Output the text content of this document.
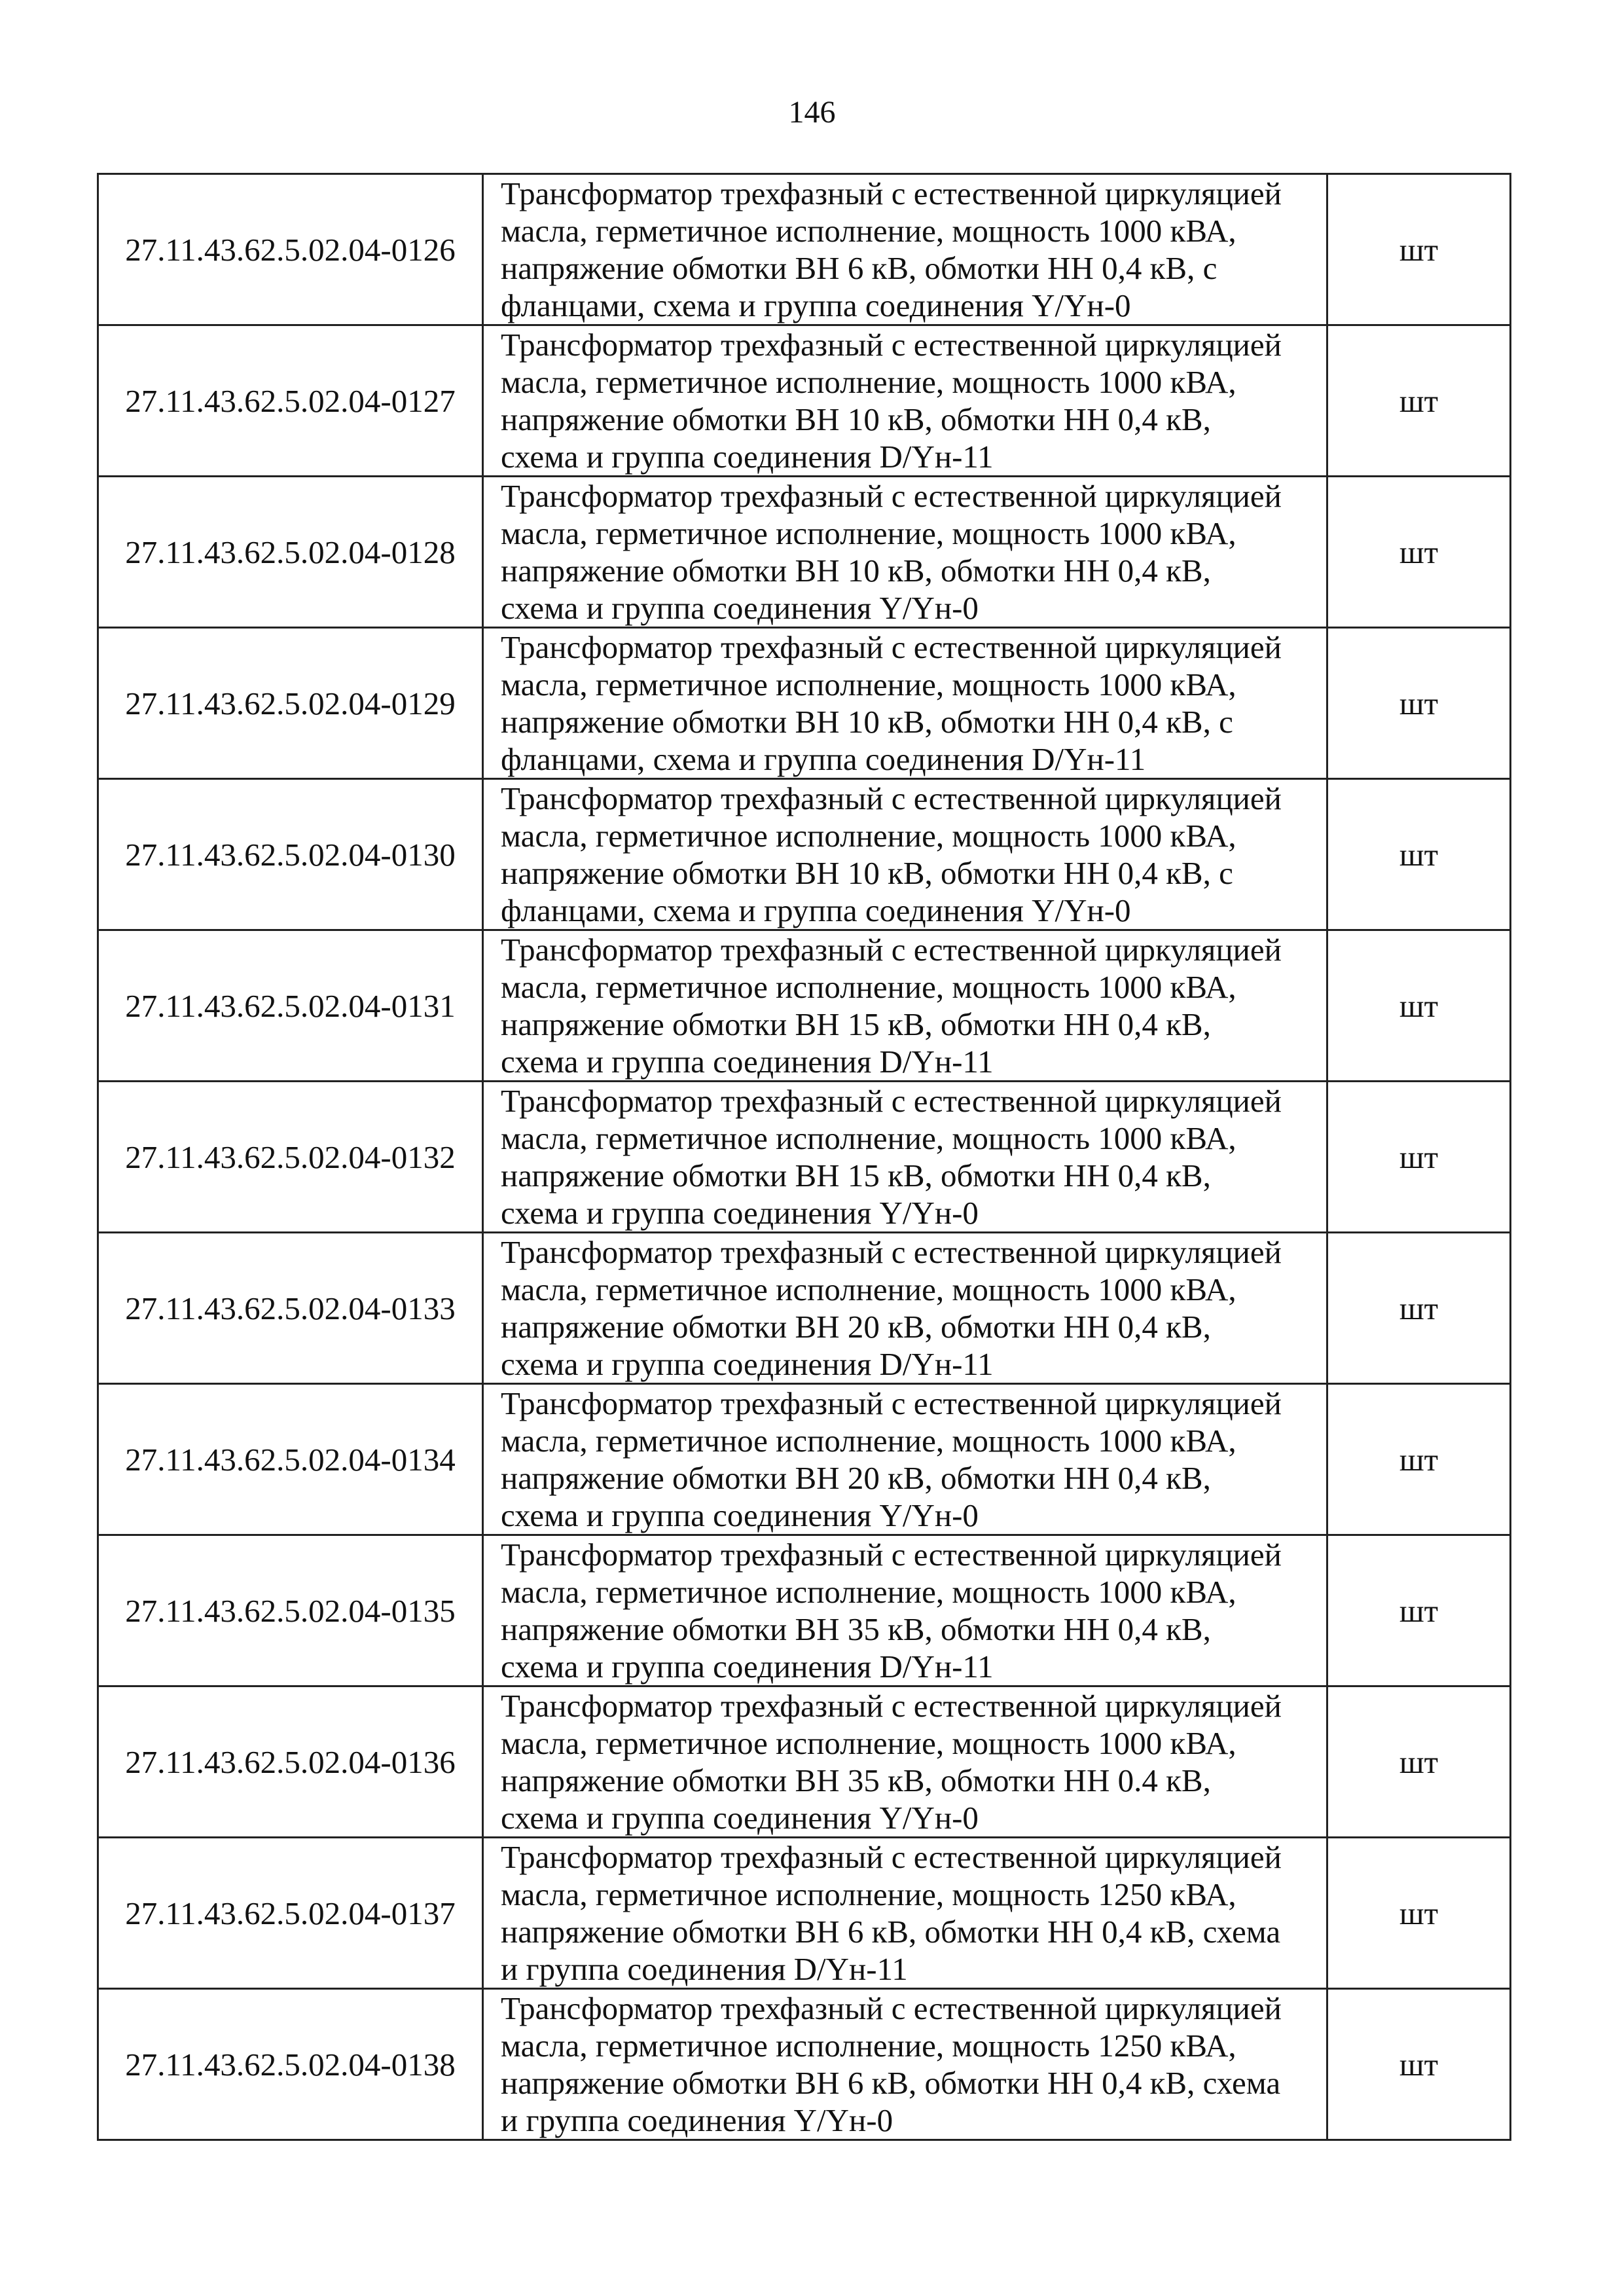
146
27.11.43.62.5.02.04-0126	Трансформатор трехфазный с естественной циркуляцией
масла, герметичное исполнение, мощность 1000 кВА,
напряжение обмотки ВН 6 кВ, обмотки НН 0,4 кВ, с
фланцами, схема и группа соединения Y/Yн-0	шт
27.11.43.62.5.02.04-0127	Трансформатор трехфазный с естественной циркуляцией
масла, герметичное исполнение, мощность 1000 кВА,
напряжение обмотки ВН 10 кВ, обмотки НН 0,4 кВ,
схема и группа соединения D/Yн-11	шт
27.11.43.62.5.02.04-0128	Трансформатор трехфазный с естественной циркуляцией
масла, герметичное исполнение, мощность 1000 кВА,
напряжение обмотки ВН 10 кВ, обмотки НН 0,4 кВ,
схема и группа соединения Y/Yн-0	шт
27.11.43.62.5.02.04-0129	Трансформатор трехфазный с естественной циркуляцией
масла, герметичное исполнение, мощность 1000 кВА,
напряжение обмотки ВН 10 кВ, обмотки НН 0,4 кВ, с
фланцами, схема и группа соединения D/Yн-11	шт
27.11.43.62.5.02.04-0130	Трансформатор трехфазный с естественной циркуляцией
масла, герметичное исполнение, мощность 1000 кВА,
напряжение обмотки ВН 10 кВ, обмотки НН 0,4 кВ, с
фланцами, схема и группа соединения Y/Yн-0	шт
27.11.43.62.5.02.04-0131	Трансформатор трехфазный с естественной циркуляцией
масла, герметичное исполнение, мощность 1000 кВА,
напряжение обмотки ВН 15 кВ, обмотки НН 0,4 кВ,
схема и группа соединения D/Yн-11	шт
27.11.43.62.5.02.04-0132	Трансформатор трехфазный с естественной циркуляцией
масла, герметичное исполнение, мощность 1000 кВА,
напряжение обмотки ВН 15 кВ, обмотки НН 0,4 кВ,
схема и группа соединения Y/Yн-0	шт
27.11.43.62.5.02.04-0133	Трансформатор трехфазный с естественной циркуляцией
масла, герметичное исполнение, мощность 1000 кВА,
напряжение обмотки ВН 20 кВ, обмотки НН 0,4 кВ,
схема и группа соединения D/Yн-11	шт
27.11.43.62.5.02.04-0134	Трансформатор трехфазный с естественной циркуляцией
масла, герметичное исполнение, мощность 1000 кВА,
напряжение обмотки ВН 20 кВ, обмотки НН 0,4 кВ,
схема и группа соединения Y/Yн-0	шт
27.11.43.62.5.02.04-0135	Трансформатор трехфазный с естественной циркуляцией
масла, герметичное исполнение, мощность 1000 кВА,
напряжение обмотки ВН 35 кВ, обмотки НН 0,4 кВ,
схема и группа соединения D/Yн-11	шт
27.11.43.62.5.02.04-0136	Трансформатор трехфазный с естественной циркуляцией
масла, герметичное исполнение, мощность 1000 кВА,
напряжение обмотки ВН 35 кВ, обмотки НН 0.4 кВ,
схема и группа соединения Y/Yн-0	шт
27.11.43.62.5.02.04-0137	Трансформатор трехфазный с естественной циркуляцией
масла, герметичное исполнение, мощность 1250 кВА,
напряжение обмотки ВН 6 кВ, обмотки НН 0,4 кВ, схема
и группа соединения D/Yн-11	шт
27.11.43.62.5.02.04-0138	Трансформатор трехфазный с естественной циркуляцией
масла, герметичное исполнение, мощность 1250 кВА,
напряжение обмотки ВН 6 кВ, обмотки НН 0,4 кВ, схема
и группа соединения Y/Yн-0	шт
